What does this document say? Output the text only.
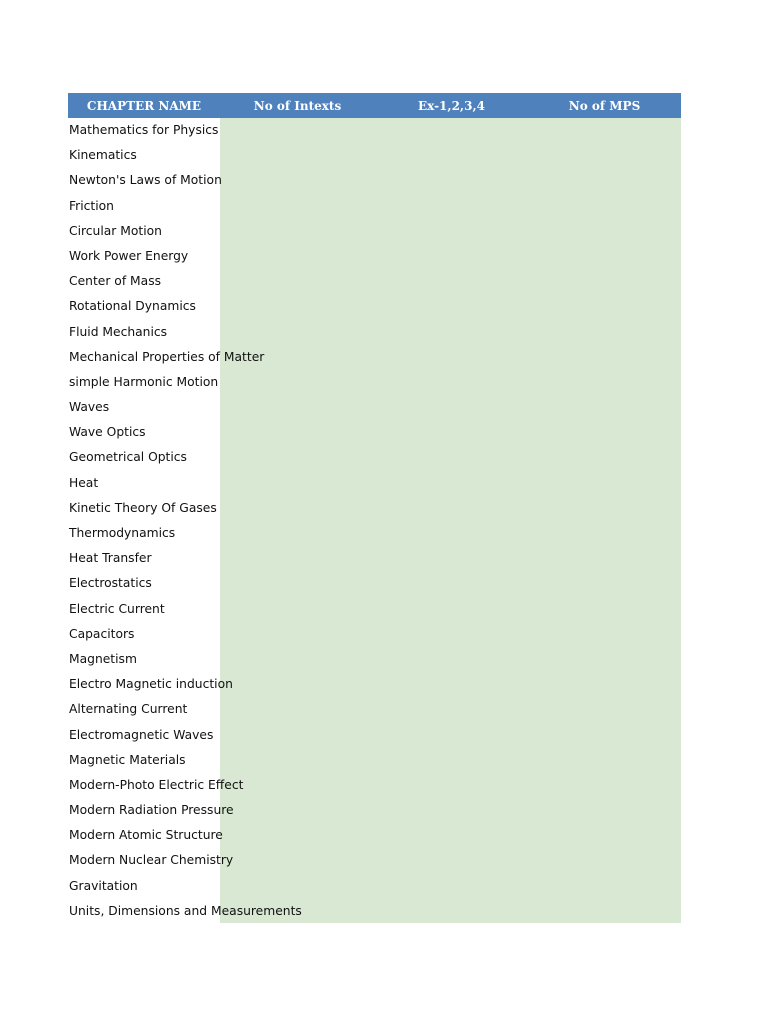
CHAPTER NAME	No of Intexts	Ex-1,2,3,4	No of MPS
Mathematics for Physics
Kinematics
Newton's Laws of Motion
Friction
Circular Motion
Work Power Energy
Center of Mass
Rotational Dynamics
Fluid Mechanics
Mechanical Properties of Matter
simple Harmonic Motion
Waves
Wave Optics
Geometrical Optics
Heat
Kinetic Theory Of Gases
Thermodynamics
Heat Transfer
Electrostatics
Electric Current
Capacitors
Magnetism
Electro Magnetic induction
Alternating Current
Electromagnetic Waves
Magnetic Materials
Modern-Photo Electric Effect
Modern Radiation Pressure
Modern Atomic Structure
Modern Nuclear Chemistry
Gravitation
Units, Dimensions and Measurements
